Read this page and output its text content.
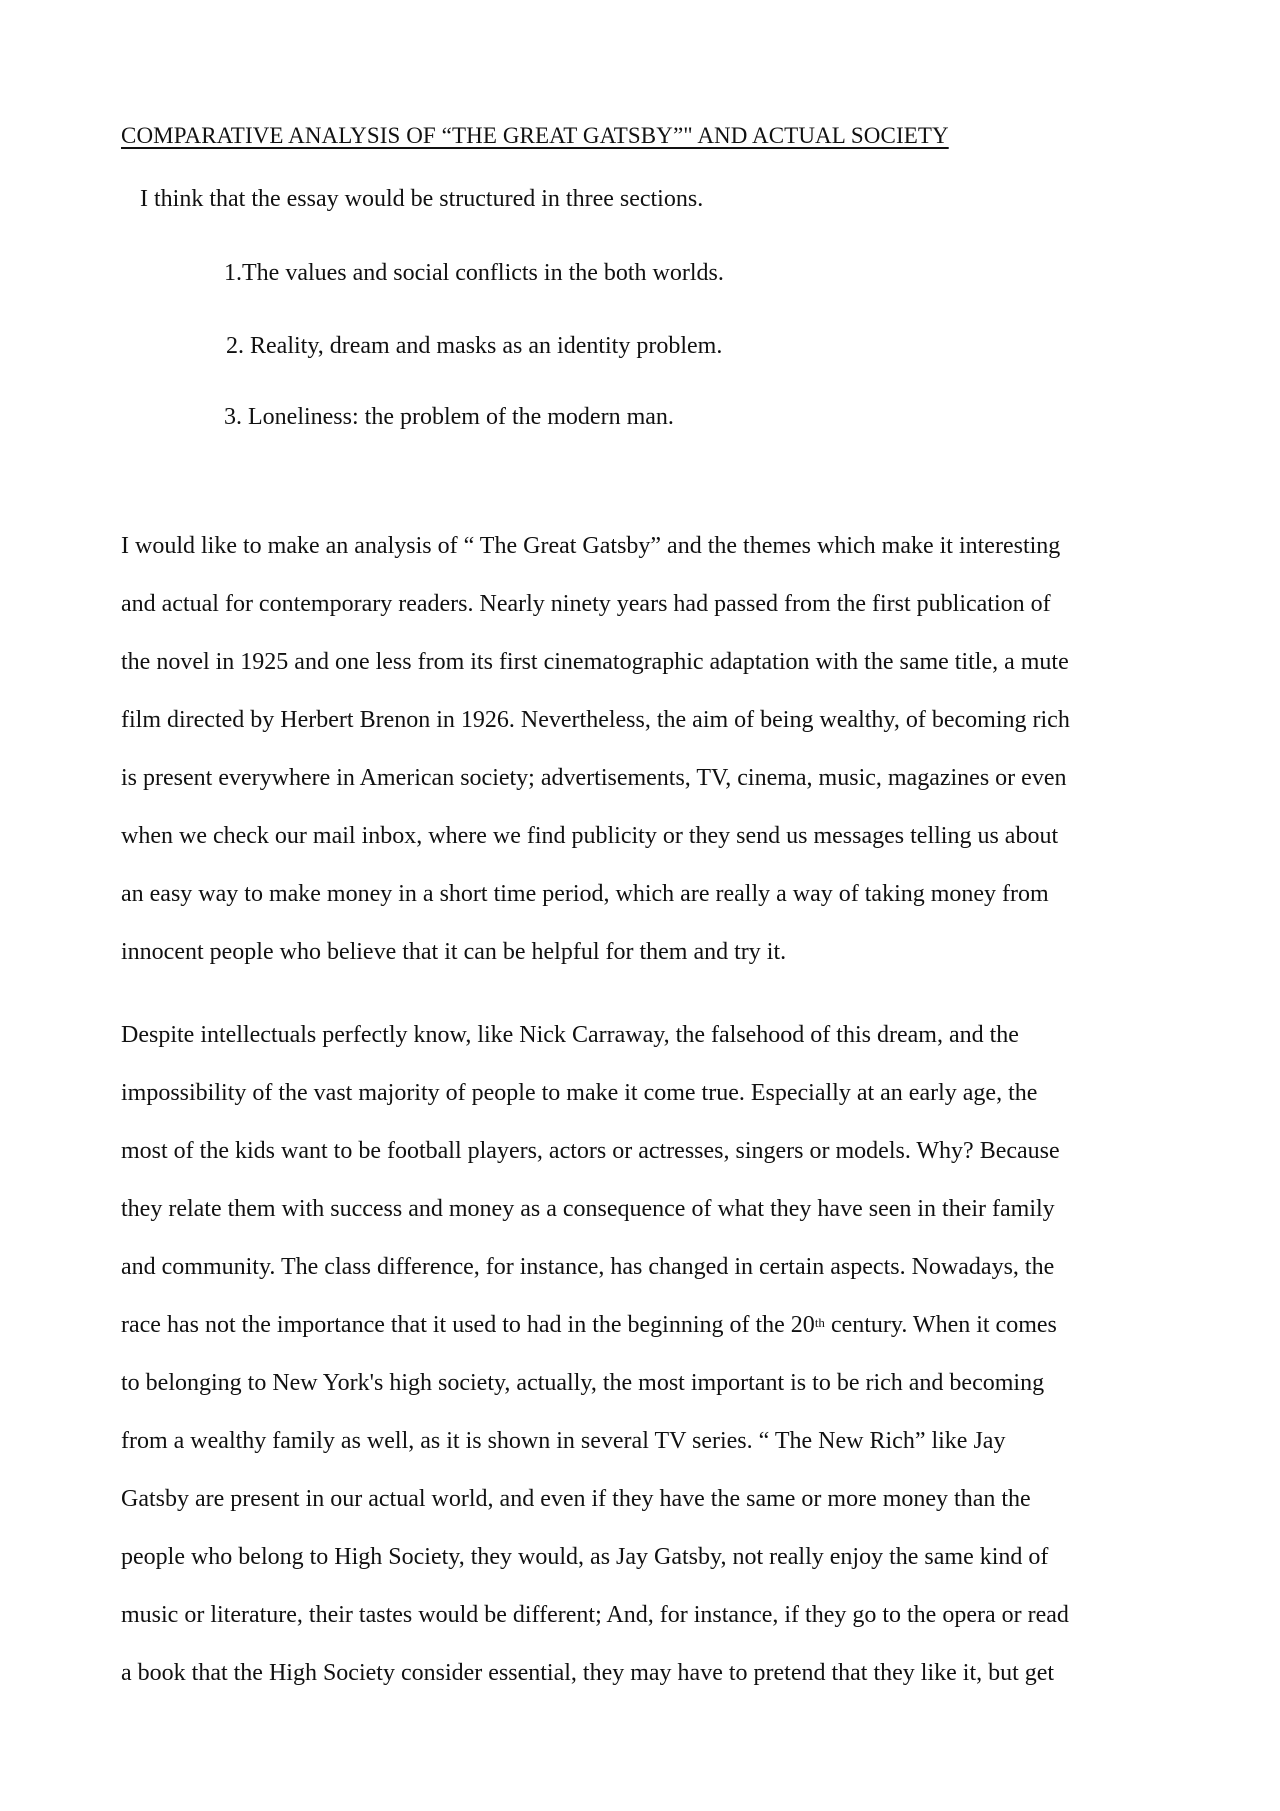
COMPARATIVE ANALYSIS OF “THE GREAT GATSBY”" AND ACTUAL SOCIETY
I think that the essay would be structured in three sections.
1.The values and social conflicts in the both worlds.
2. Reality, dream and masks as an identity problem.
3. Loneliness: the problem of the modern man.
I would like to make an analysis of “ The Great Gatsby” and the themes which make it interesting
and actual for contemporary readers. Nearly ninety years had passed from the first publication of
the novel in 1925 and one less from its first cinematographic adaptation with the same title, a mute
film directed by Herbert Brenon in 1926. Nevertheless, the aim of being wealthy, of becoming rich
is present everywhere in American society; advertisements, TV, cinema, music, magazines or even
when we check our mail inbox, where we find publicity or they send us messages telling us about
an easy way to make money in a short time period, which are really a way of taking money from
innocent people who believe that it can be helpful for them and try it.
Despite intellectuals perfectly know, like Nick Carraway, the falsehood of this dream, and the
impossibility of the vast majority of people to make it come true. Especially at an early age, the
most of the kids want to be football players, actors or actresses, singers or models. Why? Because
they relate them with success and money as a consequence of what they have seen in their family
and community. The class difference, for instance, has changed in certain aspects. Nowadays, the
race has not the importance that it used to had in the beginning of the 20th century. When it comes
to belonging to New York's high society, actually, the most important is to be rich and becoming
from a wealthy family as well, as it is shown in several TV series. “ The New Rich” like Jay
Gatsby are present in our actual world, and even if they have the same or more money than the
people who belong to High Society, they would, as Jay Gatsby, not really enjoy the same kind of
music or literature, their tastes would be different; And, for instance, if they go to the opera or read
a book that the High Society consider essential, they may have to pretend that they like it, but get
